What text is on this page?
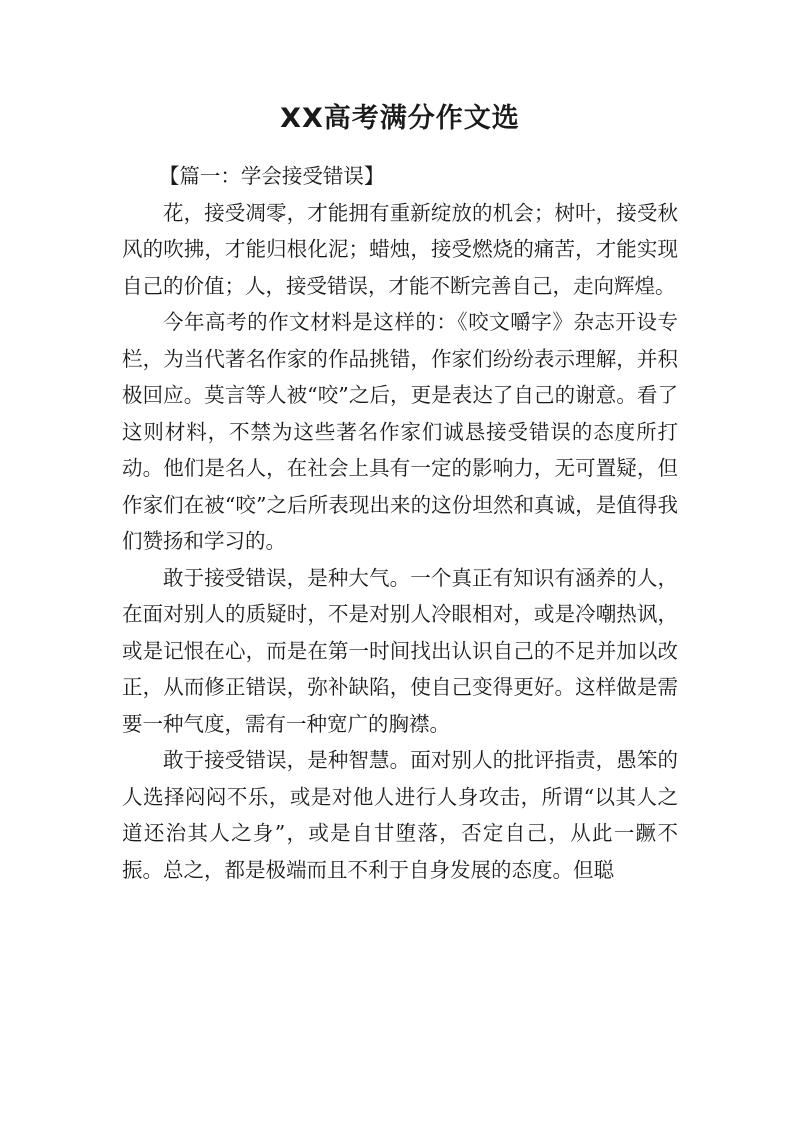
XX高考满分作文选

【篇一：学会接受错误】

花，接受凋零，才能拥有重新绽放的机会；树叶，接受秋风的吹拂，才能归根化泥；蜡烛，接受燃烧的痛苦，才能实现自己的价值；人，接受错误，才能不断完善自己，走向辉煌。

今年高考的作文材料是这样的：《咬文嚼字》杂志开设专栏，为当代著名作家的作品挑错，作家们纷纷表示理解，并积极回应。莫言等人被“咬”之后，更是表达了自己的谢意。看了这则材料，不禁为这些著名作家们诚恳接受错误的态度所打动。他们是名人，在社会上具有一定的影响力，无可置疑，但作家们在被“咬”之后所表现出来的这份坦然和真诚，是值得我们赞扬和学习的。

敢于接受错误，是种大气。一个真正有知识有涵养的人，在面对别人的质疑时，不是对别人冷眼相对，或是冷嘲热讽，或是记恨在心，而是在第一时间找出认识自己的不足并加以改正，从而修正错误，弥补缺陷，使自己变得更好。这样做是需要一种气度，需有一种宽广的胸襟。

敢于接受错误，是种智慧。面对别人的批评指责，愚笨的人选择闷闷不乐，或是对他人进行人身攻击，所谓“以其人之道还治其人之身”，或是自甘堕落，否定自己，从此一蹶不振。总之，都是极端而且不利于自身发展的态度。但聪
